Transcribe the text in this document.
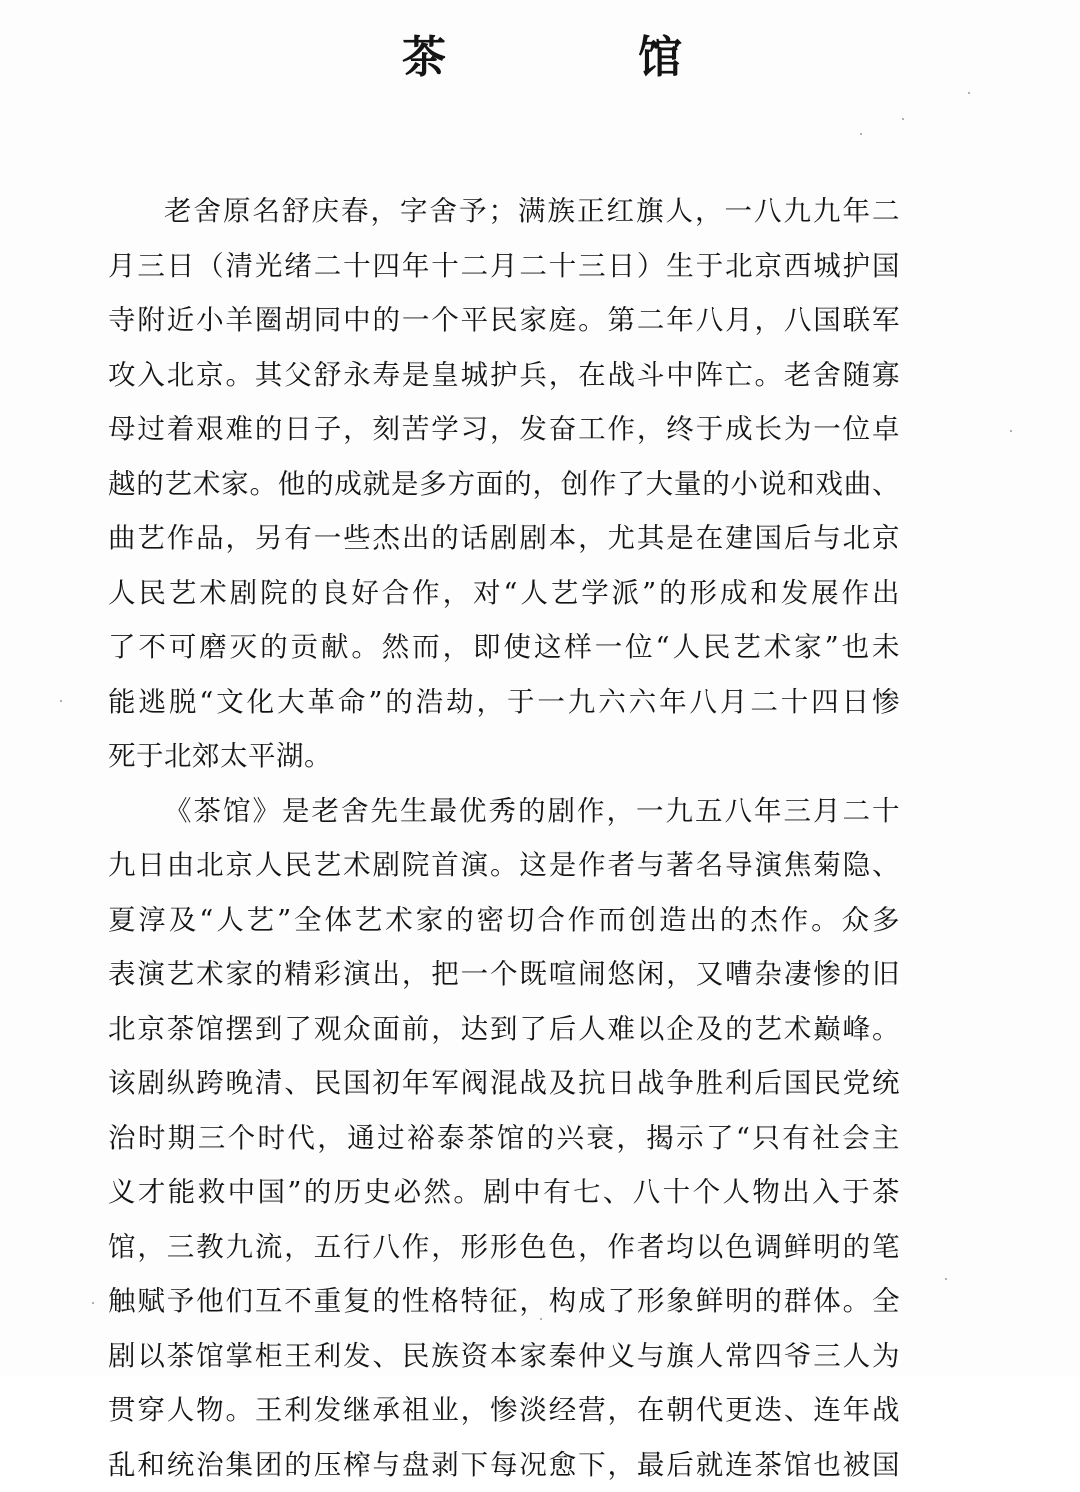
茶　馆
老舍原名舒庆春，字舍予；满族正红旗人，一八九九年二
月三日（清光绪二十四年十二月二十三日）生于北京西城护国
寺附近小羊圈胡同中的一个平民家庭。第二年八月，八国联军
攻入北京。其父舒永寿是皇城护兵，在战斗中阵亡。老舍随寡
母过着艰难的日子，刻苦学习，发奋工作，终于成长为一位卓
越的艺术家。他的成就是多方面的，创作了大量的小说和戏曲、
曲艺作品，另有一些杰出的话剧剧本，尤其是在建国后与北京
人民艺术剧院的良好合作，对“人艺学派”的形成和发展作出
了不可磨灭的贡献。然而，即使这样一位“人民艺术家”也未
能逃脱“文化大革命”的浩劫，于一九六六年八月二十四日惨
死于北郊太平湖。
《茶馆》是老舍先生最优秀的剧作，一九五八年三月二十
九日由北京人民艺术剧院首演。这是作者与著名导演焦菊隐、
夏淳及“人艺”全体艺术家的密切合作而创造出的杰作。众多
表演艺术家的精彩演出，把一个既喧闹悠闲，又嘈杂凄惨的旧
北京茶馆摆到了观众面前，达到了后人难以企及的艺术巅峰。
该剧纵跨晚清、民国初年军阀混战及抗日战争胜利后国民党统
治时期三个时代，通过裕泰茶馆的兴衰，揭示了“只有社会主
义才能救中国”的历史必然。剧中有七、八十个人物出入于茶
馆，三教九流，五行八作，形形色色，作者均以色调鲜明的笔
触赋予他们互不重复的性格特征，构成了形象鲜明的群体。全
剧以茶馆掌柜王利发、民族资本家秦仲义与旗人常四爷三人为
贯穿人物。王利发继承祖业，惨淡经营，在朝代更迭、连年战
乱和统治集团的压榨与盘剥下每况愈下，最后就连茶馆也被国
